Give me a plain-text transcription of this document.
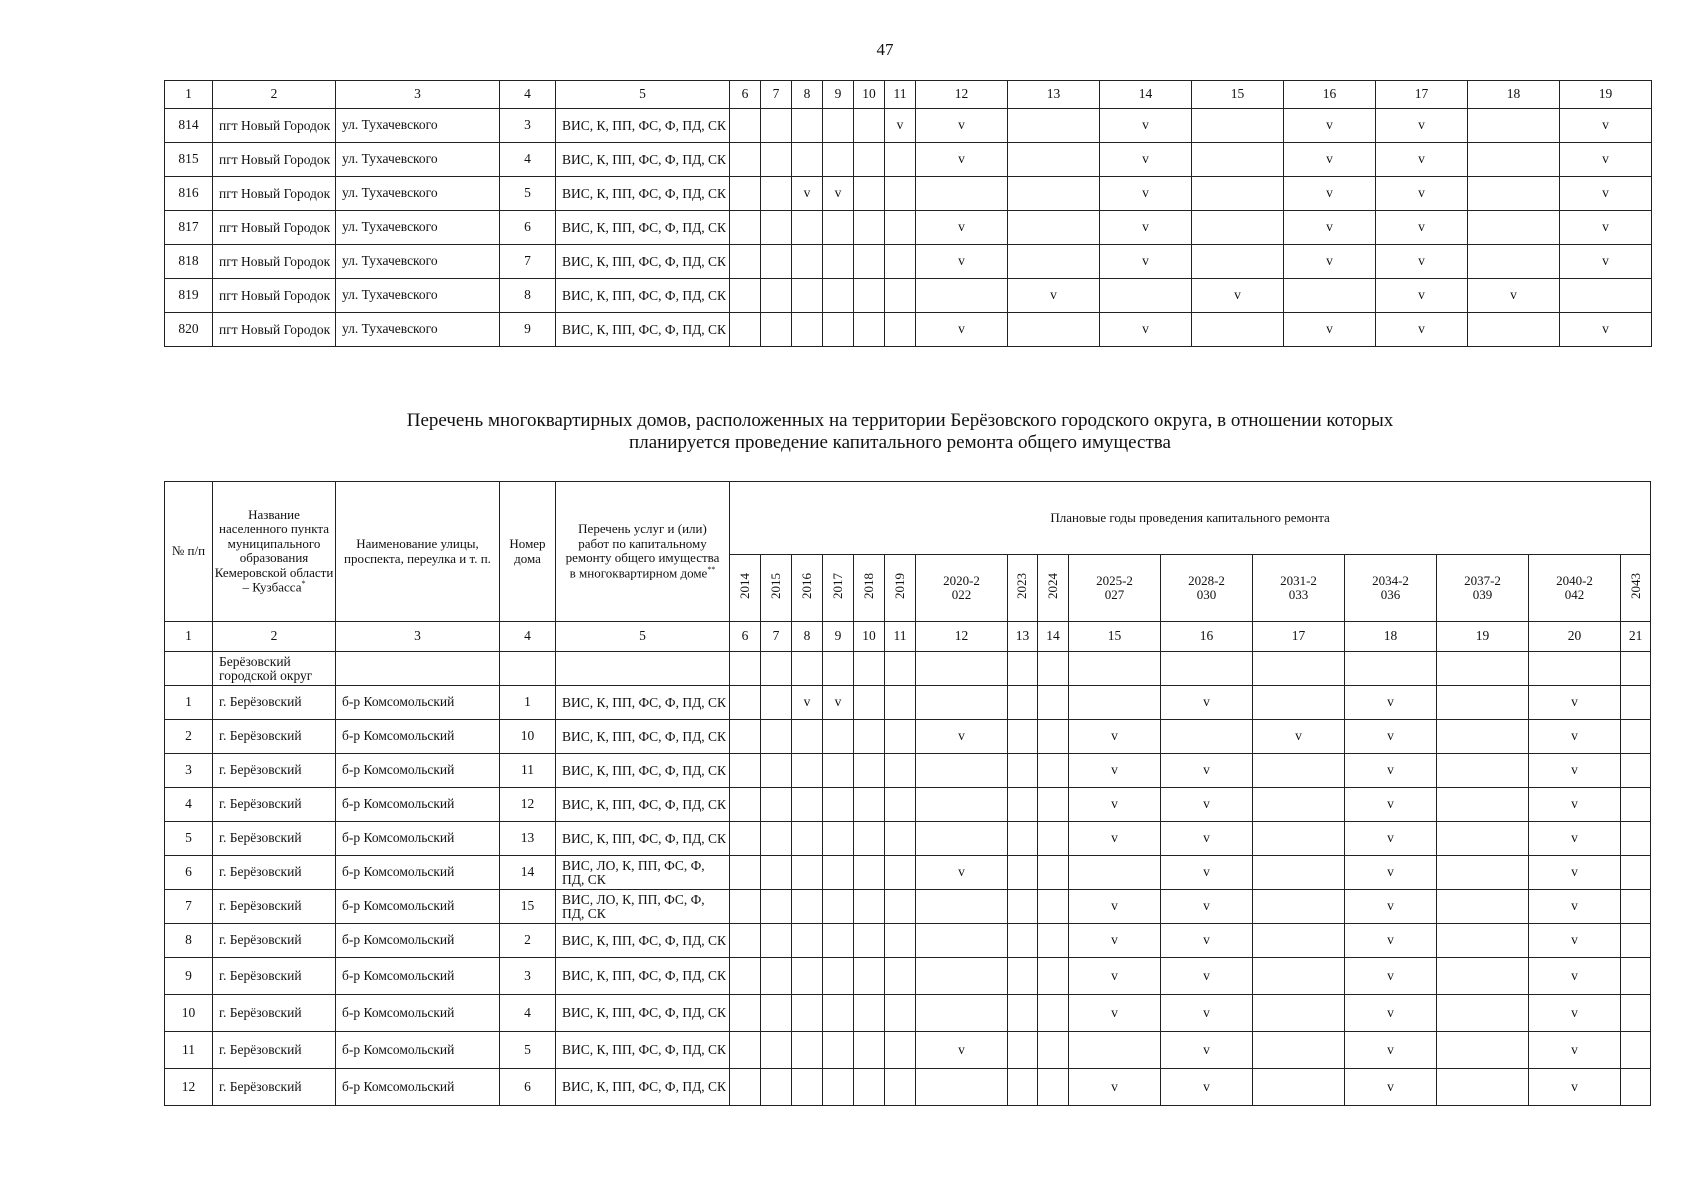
47
1	2	3	4	5	6	7	8	9	10	11	12	13	14	15	16	17	18	19
814	пгт Новый Городок	ул. Тухачевского	3	ВИС, К, ПП, ФС, Ф, ПД, СК						v	v		v		v	v		v
815	пгт Новый Городок	ул. Тухачевского	4	ВИС, К, ПП, ФС, Ф, ПД, СК							v		v		v	v		v
816	пгт Новый Городок	ул. Тухачевского	5	ВИС, К, ПП, ФС, Ф, ПД, СК			v	v					v		v	v		v
817	пгт Новый Городок	ул. Тухачевского	6	ВИС, К, ПП, ФС, Ф, ПД, СК							v		v		v	v		v
818	пгт Новый Городок	ул. Тухачевского	7	ВИС, К, ПП, ФС, Ф, ПД, СК							v		v		v	v		v
819	пгт Новый Городок	ул. Тухачевского	8	ВИС, К, ПП, ФС, Ф, ПД, СК								v		v		v	v	
820	пгт Новый Городок	ул. Тухачевского	9	ВИС, К, ПП, ФС, Ф, ПД, СК							v		v		v	v		v
Перечень многоквартирных домов, расположенных на территории Берёзовского городского округа, в отношении которых
планируется проведение капитального ремонта общего имущества
№ п/п	Название населенного пункта муниципального образования Кемеровской области – Кузбасса*	Наименование улицы, проспекта, переулка и т. п.	Номер дома	Перечень услуг и (или) работ по капитальному ремонту общего имущества в многоквартирном доме**	Плановые годы проведения капитального ремонта															
					2014	2015	2016	2017	2018	2019	2020-​2022	2023	2024	2025-​2027	2028-​2030	2031-​2033	2034-​2036	2037-​2039	2040-​2042	2043
1	2	3	4	5	6	7	8	9	10	11	12	13	14	15	16	17	18	19	20	21
	Берёзовский городской округ																			
1	г. Берёзовский	б-р Комсомольский	1	ВИС, К, ПП, ФС, Ф, ПД, СК			v	v							v		v		v	
2	г. Берёзовский	б-р Комсомольский	10	ВИС, К, ПП, ФС, Ф, ПД, СК							v			v		v	v		v	
3	г. Берёзовский	б-р Комсомольский	11	ВИС, К, ПП, ФС, Ф, ПД, СК										v	v		v		v	
4	г. Берёзовский	б-р Комсомольский	12	ВИС, К, ПП, ФС, Ф, ПД, СК										v	v		v		v	
5	г. Берёзовский	б-р Комсомольский	13	ВИС, К, ПП, ФС, Ф, ПД, СК										v	v		v		v	
6	г. Берёзовский	б-р Комсомольский	14	ВИС, ЛО, К, ПП, ФС, Ф, ПД, СК							v				v		v		v	
7	г. Берёзовский	б-р Комсомольский	15	ВИС, ЛО, К, ПП, ФС, Ф, ПД, СК										v	v		v		v	
8	г. Берёзовский	б-р Комсомольский	2	ВИС, К, ПП, ФС, Ф, ПД, СК										v	v		v		v	
9	г. Берёзовский	б-р Комсомольский	3	ВИС, К, ПП, ФС, Ф, ПД, СК										v	v		v		v	
10	г. Берёзовский	б-р Комсомольский	4	ВИС, К, ПП, ФС, Ф, ПД, СК										v	v		v		v	
11	г. Берёзовский	б-р Комсомольский	5	ВИС, К, ПП, ФС, Ф, ПД, СК							v				v		v		v	
12	г. Берёзовский	б-р Комсомольский	6	ВИС, К, ПП, ФС, Ф, ПД, СК										v	v		v		v	
